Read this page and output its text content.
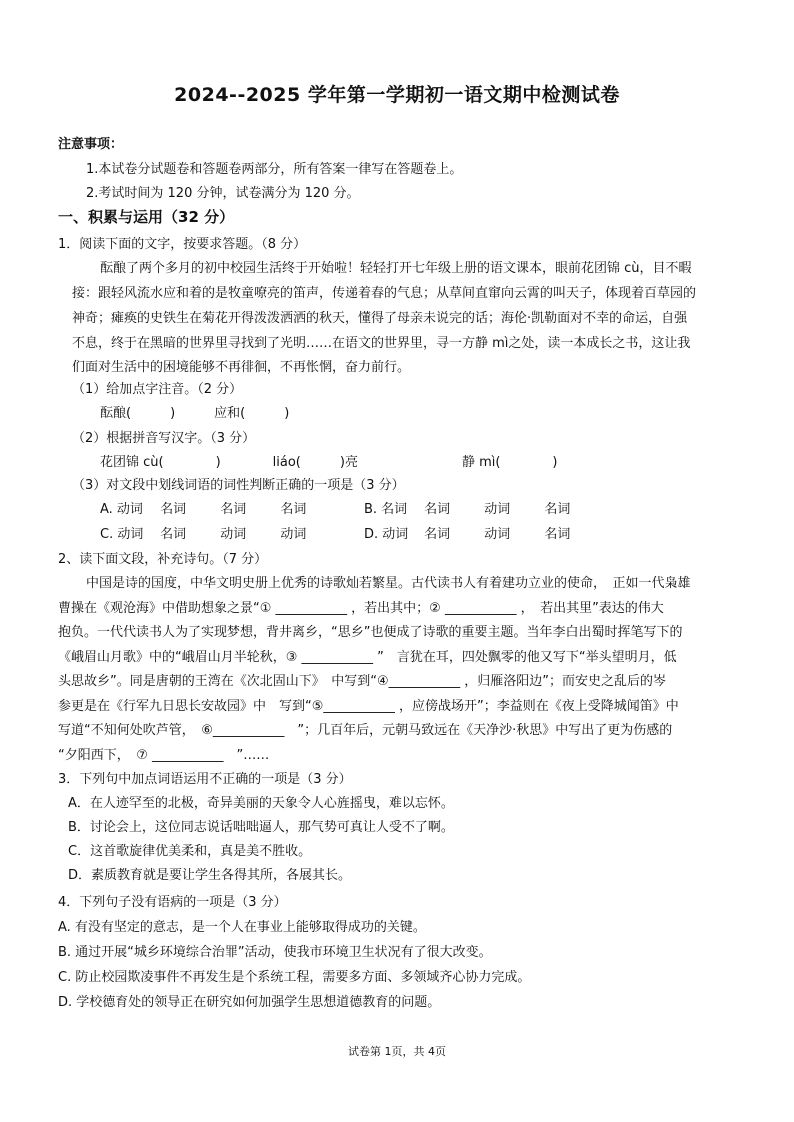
2024--2025 学年第一学期初一语文期中检测试卷
注意事项：
1.本试卷分试题卷和答题卷两部分，所有答案一律写在答题卷上。
2.考试时间为 120 分钟，试卷满分为 120 分。
一、积累与运用（32 分）
1．阅读下面的文字，按要求答题。（8 分）
酝酿了两个多月的初中校园生活终于开始啦！轻轻打开七年级上册的语文课本，眼前花团锦 cù，目不暇
接：跟轻风流水应和着的是牧童嘹亮的笛声，传递着春的气息；从草间直窜向云霄的叫天子，体现着百草园的
神奇；瘫痪的史铁生在菊花开得泼泼洒洒的秋天，懂得了母亲未说完的话；海伦·凯勒面对不幸的命运，自强
不息，终于在黑暗的世界里寻找到了光明……在语文的世界里，寻一方静 mì之处，读一本成长之书，这让我
们面对生活中的困境能够不再徘徊，不再怅惘，奋力前行。
（1）给加点字注音。（2 分）
酝酿(　　　)　　　应和(　　　)
（2）根据拼音写汉字。（3 分）
花团锦 cù(　　　　)　　　　liáo(　　　)亮　　　　　　　　静 mì(　　　　)
（3）对文段中划线词语的词性判断正确的一项是（3 分）
A. 动词 名词	名词	名词	B. 名词 名词	动词	名词
C. 动词 名词	动词	动词	D. 动词 名词	动词	名词
2、读下面文段，补充诗句。（7 分）
中国是诗的国度，中华文明史册上优秀的诗歌灿若繁星。古代读书人有着建功立业的使命，　正如一代枭雄
曹操在《观沧海》中借助想象之景“① ___________ ，若出其中；② ___________ ，　若出其里”表达的伟大
抱负。一代代读书人为了实现梦想，背井离乡，“思乡”也便成了诗歌的重要主题。当年李白出蜀时挥笔写下的
《峨眉山月歌》中的“峨眉山月半轮秋，③ ___________ ”　言犹在耳，四处飘零的他又写下“举头望明月，低
头思故乡”。同是唐朝的王湾在《次北固山下》　中写到“④___________ ，归雁洛阳边”；而安史之乱后的岑
参更是在《行军九日思长安故园》中　写到“⑤___________ ，应傍战场开”；李益则在《夜上受降城闻笛》中
写道“不知何处吹芦管，　⑥___________　”；几百年后，元朝马致远在《天净沙·秋思》中写出了更为伤感的
“夕阳西下，　⑦ ___________　”……
3．下列句中加点词语运用不正确的一项是（3 分）
A．在人迹罕至的北极，奇异美丽的天象令人心旌摇曳，难以忘怀。
B．讨论会上，这位同志说话咄咄逼人，那气势可真让人受不了啊。
C．这首歌旋律优美柔和，真是美不胜收。
D．素质教育就是要让学生各得其所，各展其长。
4．下列句子没有语病的一项是（3 分）
A. 有没有坚定的意志，是一个人在事业上能够取得成功的关键。
B. 通过开展“城乡环境综合治罪”活动，使我市环境卫生状况有了很大改变。
C. 防止校园欺凌事件不再发生是个系统工程，需要多方面、多领域齐心协力完成。
D. 学校德育处的领导正在研究如何加强学生思想道德教育的问题。
试卷第 1页，共 4页
